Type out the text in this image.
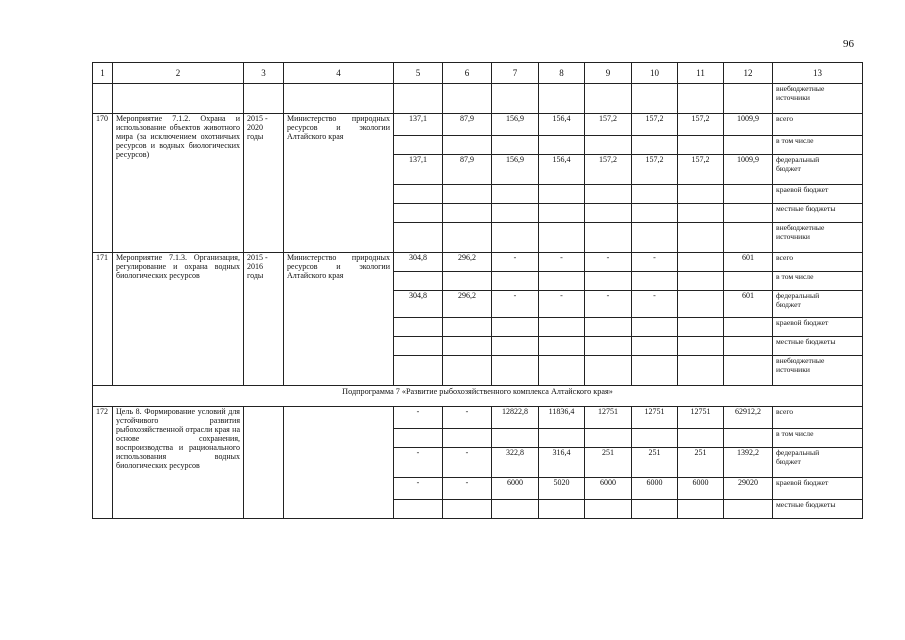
96
1	2	3	4	5	6	7	8	9	10	11	12	13

												внебюджетные
источники

170	Мероприятие 7.1.2. Охрана и использование объектов животного мира (за исключением охотничьих ресурсов и водных биологических ресурсов)	2015 - 2020 годы	Министерство природных ресурсов и экологии Алтайского края	137,1	87,9	156,9	156,4	157,2	157,2	157,2	1009,9	всего

												в том числе

				137,1	87,9	156,9	156,4	157,2	157,2	157,2	1009,9	федеральный
бюджет

												краевой бюджет

												местные бюджеты

												внебюджетные
источники

171	Мероприятие 7.1.3. Организация, регулирование и охрана водных биологических ресурсов	2015 - 2016 годы	Министерство природных ресурсов и экологии Алтайского края	304,8	296,2	-	-	-	-		601	всего

												в том числе

				304,8	296,2	-	-	-	-		601	федеральный
бюджет

												краевой бюджет

												местные бюджеты

												внебюджетные
источники

Подпрограмма 7 «Развитие рыбохозяйственного комплекса Алтайского края»												
172	Цель 8. Формирование условий для устойчивого развития рыбохозяйственной отрасли края на основе сохранения, воспроизводства и рационального использования водных биологических ресурсов			-	-	12822,8	11836,4	12751	12751	12751	62912,2	всего

												в том числе

				-	-	322,8	316,4	251	251	251	1392,2	федеральный
бюджет

				-	-	6000	5020	6000	6000	6000	29020	краевой бюджет

												местные бюджеты
